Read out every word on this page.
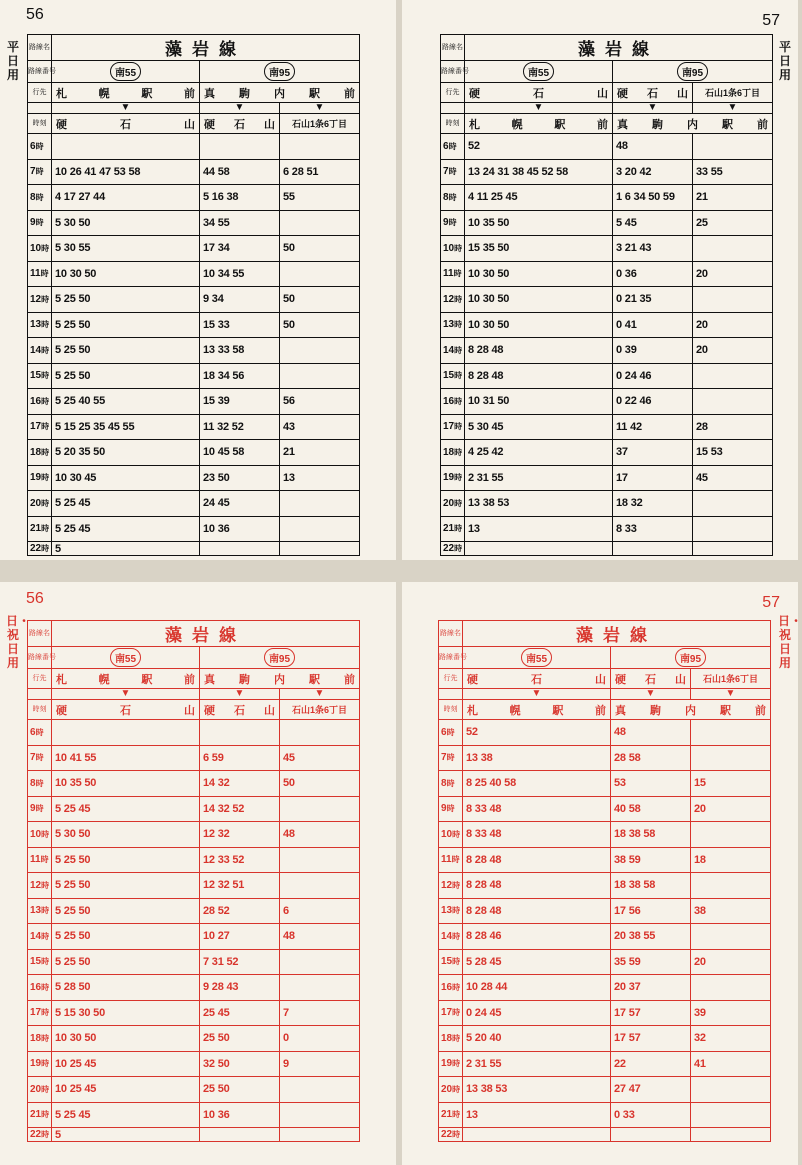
56
平日用
路線名	藻岩線		
路線番号	南55	南95	
行先	札 幌 駅 前	真 駒 内 駅 前	

	▼	▼	▼
時刻	硬 石 山	硬 石 山	石山1条6丁目

6時			
7時	10 26 41 47 53 58	44 58	6 28 51
8時	4 17 27 44	5 16 38	55
9時	5 30 50	34 55	
10時	5 30 55	17 34	50
11時	10 30 50	10 34 55	
12時	5 25 50	9 34	50
13時	5 25 50	15 33	50
14時	5 25 50	13 33 58	
15時	5 25 50	18 34 56	
16時	5 25 40 55	15 39	56
17時	5 15 25 35 45 55	11 32 52	43
18時	5 20 35 50	10 45 58	21
19時	10 30 45	23 50	13
20時	5 25 45	24 45	
21時	5 25 45	10 36	
22時	5		
57
平日用
路線名	藻岩線		
路線番号	南55	南95	
行先	硬 石 山	硬 石 山	石山1条6丁目

	▼	▼	▼
時刻	札 幌 駅 前	真 駒 内 駅 前	

6時	52	48	
7時	13 24 31 38 45 52 58	3 20 42	33 55
8時	4 11 25 45	1 6 34 50 59	21
9時	10 35 50	5 45	25
10時	15 35 50	3 21 43	
11時	10 30 50	0 36	20
12時	10 30 50	0 21 35	
13時	10 30 50	0 41	20
14時	8 28 48	0 39	20
15時	8 28 48	0 24 46	
16時	10 31 50	0 22 46	
17時	5 30 45	11 42	28
18時	4 25 42	37	15 53
19時	2 31 55	17	45
20時	13 38 53	18 32	
21時	13	8 33	
22時			
56
日・祝日用
路線名	藻岩線		
路線番号	南55	南95	
行先	札 幌 駅 前	真 駒 内 駅 前	

	▼	▼	▼
時刻	硬 石 山	硬 石 山	石山1条6丁目

6時			
7時	10 41 55	6 59	45
8時	10 35 50	14 32	50
9時	5 25 45	14 32 52	
10時	5 30 50	12 32	48
11時	5 25 50	12 33 52	
12時	5 25 50	12 32 51	
13時	5 25 50	28 52	6
14時	5 25 50	10 27	48
15時	5 25 50	7 31 52	
16時	5 28 50	9 28 43	
17時	5 15 30 50	25 45	7
18時	10 30 50	25 50	0
19時	10 25 45	32 50	9
20時	10 25 45	25 50	
21時	5 25 45	10 36	
22時	5		
57
日・祝日用
路線名	藻岩線		
路線番号	南55	南95	
行先	硬 石 山	硬 石 山	石山1条6丁目

	▼	▼	▼
時刻	札 幌 駅 前	真 駒 内 駅 前	

6時	52	48	
7時	13 38	28 58	
8時	8 25 40 58	53	15
9時	8 33 48	40 58	20
10時	8 33 48	18 38 58	
11時	8 28 48	38 59	18
12時	8 28 48	18 38 58	
13時	8 28 48	17 56	38
14時	8 28 46	20 38 55	
15時	5 28 45	35 59	20
16時	10 28 44	20 37	
17時	0 24 45	17 57	39
18時	5 20 40	17 57	32
19時	2 31 55	22	41
20時	13 38 53	27 47	
21時	13	0 33	
22時			
